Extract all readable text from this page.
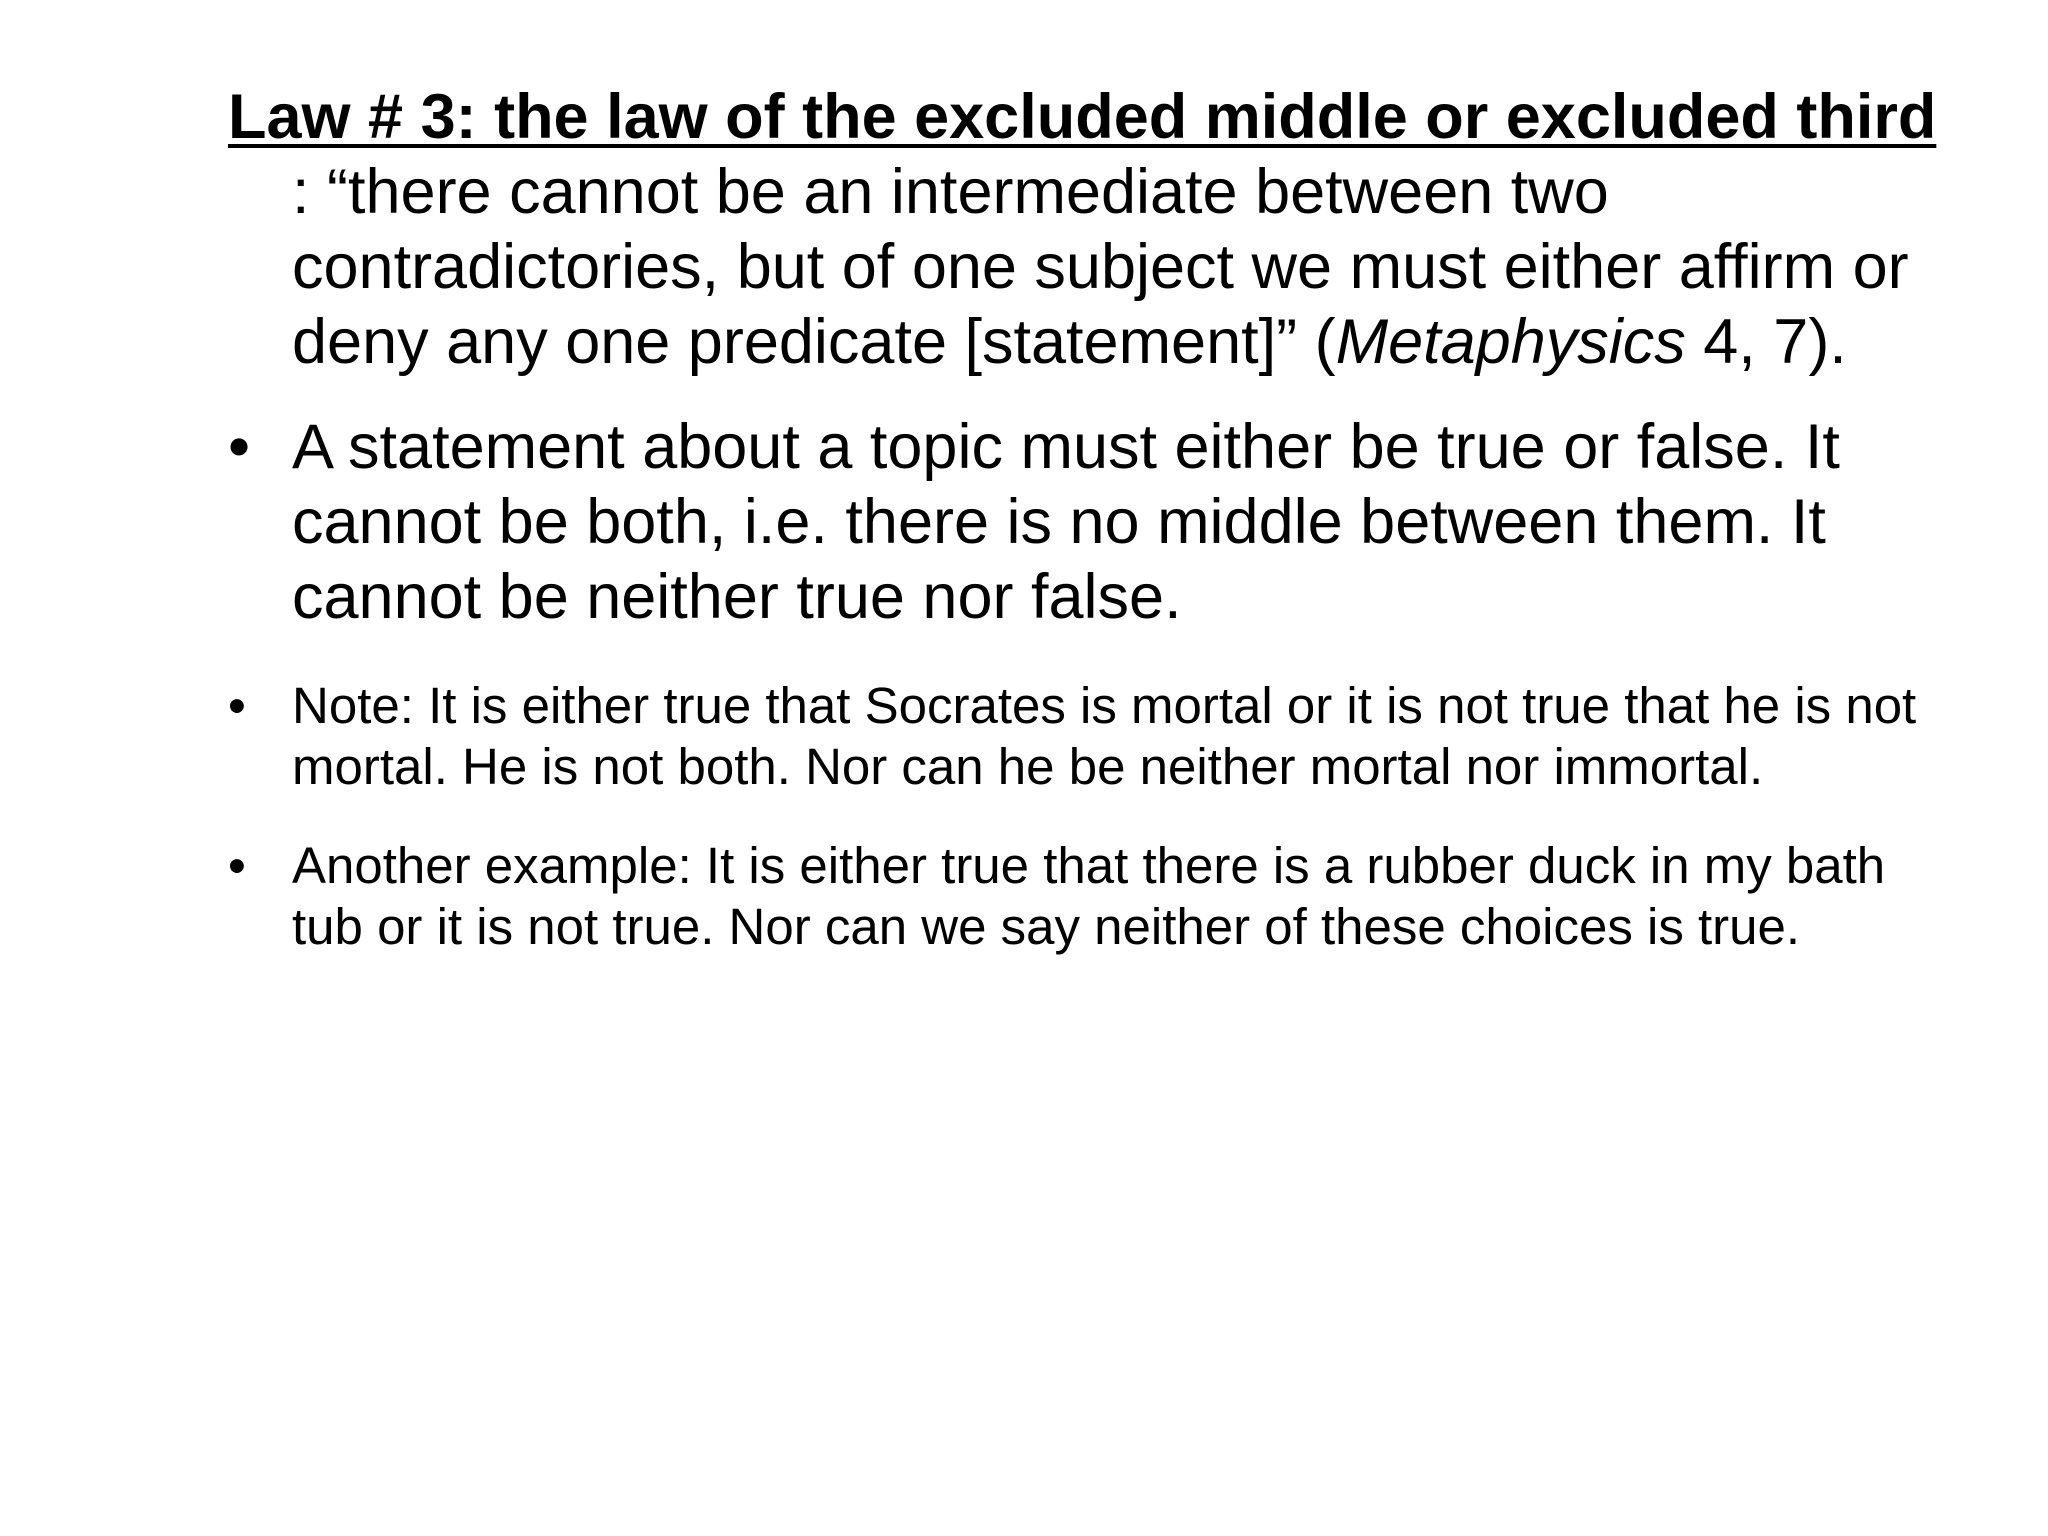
Law # 3: the law of the excluded middle or excluded third : “there cannot be an intermediate between two contradictories, but of one subject we must either affirm or deny any one predicate [statement]” (Metaphysics 4, 7).

• A statement about a topic must either be true or false. It cannot be both, i.e. there is no middle between them. It cannot be neither true nor false.
• Note: It is either true that Socrates is mortal or it is not true that he is not mortal. He is not both. Nor can he be neither mortal nor immortal.
• Another example: It is either true that there is a rubber duck in my bath tub or it is not true. Nor can we say neither of these choices is true.
